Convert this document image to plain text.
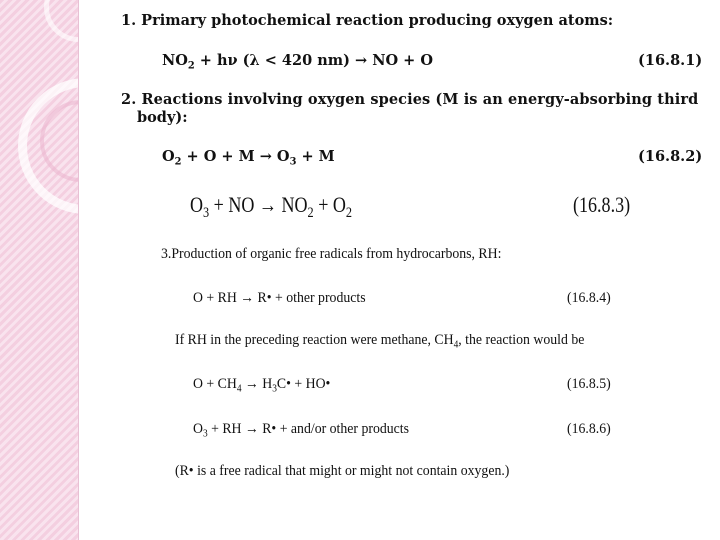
1. Primary photochemical reaction producing oxygen atoms:
$NO_2 + h\nu$ (λ < 420 nm) → NO + O	(16.8.1)
2. Reactions involving oxygen species (M is an energy-absorbing third
body):
$O_2 + O + M \to O_3 + M$	(16.8.2)
$O_3$ + NO → $NO_2 + O_2$	(16.8.3)
3.Production of organic free radicals from hydrocarbons, RH:
O + RH → R• + other products	(16.8.4)
If RH in the preceding reaction were methane, $CH_4$, the reaction would be
$O + CH_4$ → $H_3C•$ + HO•	(16.8.5)
$O_3$ + RH → R• + and/or other products	(16.8.6)
(R• is a free radical that might or might not contain oxygen.)
